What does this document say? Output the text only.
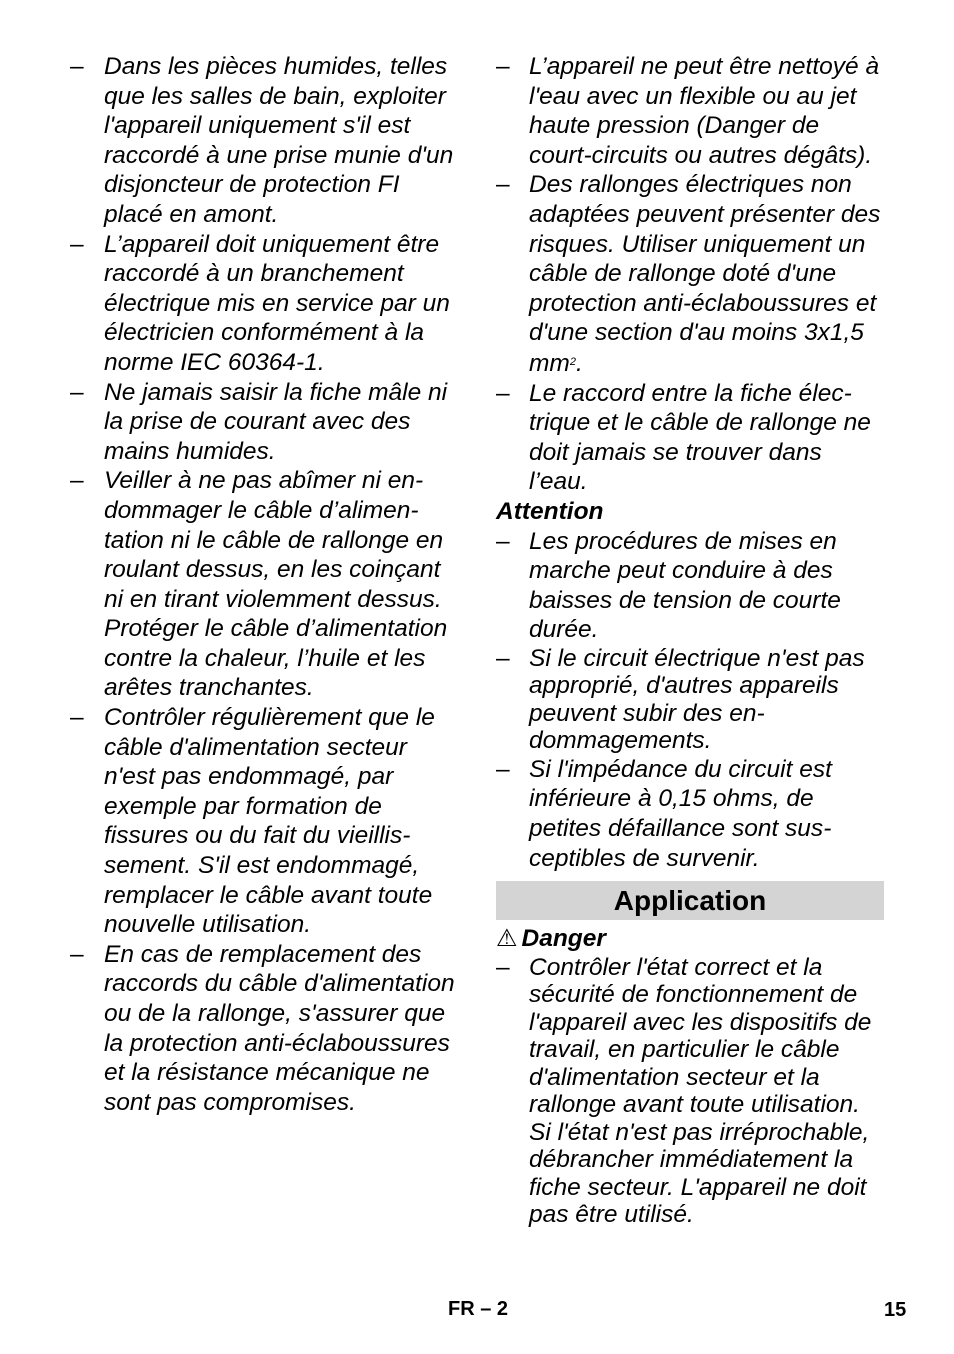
– Dans les pièces humides, telles que les salles de bain, exploiter l'appareil uniquement s'il est raccordé à une prise munie d'un disjoncteur de protection FI placé en amont.
– L’appareil doit uniquement être raccordé à un branchement électrique mis en service par un électricien conformément à la norme IEC 60364-1.
– Ne jamais saisir la fiche mâle ni la prise de courant avec des mains humides.
– Veiller à ne pas abîmer ni endommager le câble d’alimentation ni le câble de rallonge en roulant dessus, en les coinçant ni en tirant violemment dessus. Protéger le câble d’alimentation contre la chaleur, l’huile et les arêtes tranchantes.
– Contrôler régulièrement que le câble d'alimentation secteur n'est pas endommagé, par exemple par formation de fissures ou du fait du vieillissement. S'il est endommagé, remplacer le câble avant toute nouvelle utilisation.
– En cas de remplacement des raccords du câble d'alimentation ou de la rallonge, s'assurer que la protection anti-éclaboussures et la résistance mécanique ne sont pas compromises.
– L’appareil ne peut être nettoyé à l'eau avec un flexible ou au jet haute pression (Danger de court-circuits ou autres dégâts).
– Des rallonges électriques non adaptées peuvent présenter des risques. Utiliser uniquement un câble de rallonge doté d'une protection anti-éclaboussures et d'une section d'au moins 3x1,5 $mm^2$.
– Le raccord entre la fiche électrique et le câble de rallonge ne doit jamais se trouver dans l’eau.
Attention
– Les procédures de mises en marche peut conduire à des baisses de tension de courte durée.
– Si le circuit électrique n'est pas approprié, d'autres appareils peuvent subir des endommagements.
– Si l'impédance du circuit est inférieure à 0,15 ohms, de petites défaillance sont susceptibles de survenir.
Application
⚠ Danger
– Contrôler l'état correct et la sécurité de fonctionnement de l'appareil avec les dispositifs de travail, en particulier le câble d'alimentation secteur et la rallonge avant toute utilisation. Si l'état n'est pas irréprochable, débrancher immédiatement la fiche secteur. L'appareil ne doit pas être utilisé.
FR – 2	15
